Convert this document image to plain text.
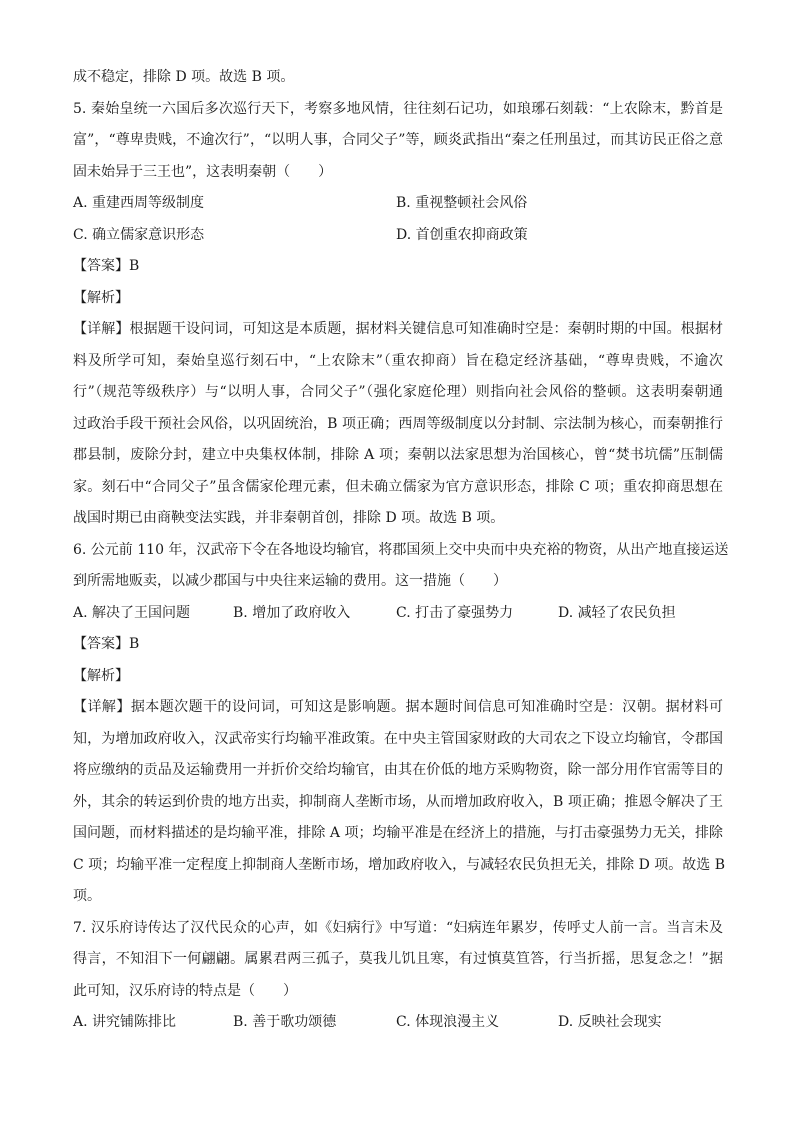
成不稳定，排除 D 项。故选 B 项。
5. 秦始皇统一六国后多次巡行天下，考察多地风情，往往刻石记功，如琅琊石刻载：“上农除末，黔首是
富”，“尊卑贵贱，不逾次行”，“以明人事，合同父子”等，顾炎武指出“秦之任刑虽过，而其访民正俗之意
固未始异于三王也”，这表明秦朝（　　）
A. 重建西周等级制度	B. 重视整顿社会风俗
C. 确立儒家意识形态	D. 首创重农抑商政策
【答案】B
【解析】
【详解】根据题干设问词，可知这是本质题，据材料关键信息可知准确时空是：秦朝时期的中国。根据材
料及所学可知，秦始皇巡行刻石中，“上农除末”（重农抑商）旨在稳定经济基础，“尊卑贵贱，不逾次
行”（规范等级秩序）与“以明人事，合同父子”（强化家庭伦理）则指向社会风俗的整顿。这表明秦朝通
过政治手段干预社会风俗，以巩固统治，B 项正确；西周等级制度以分封制、宗法制为核心，而秦朝推行
郡县制，废除分封，建立中央集权体制，排除 A 项；秦朝以法家思想为治国核心，曾“焚书坑儒”压制儒
家。刻石中“合同父子”虽含儒家伦理元素，但未确立儒家为官方意识形态，排除 C 项；重农抑商思想在
战国时期已由商鞅变法实践，并非秦朝首创，排除 D 项。故选 B 项。
6. 公元前 110 年，汉武帝下令在各地设均输官，将郡国须上交中央而中央充裕的物资，从出产地直接运送
到所需地贩卖，以减少郡国与中央往来运输的费用。这一措施（　　）
A. 解决了王国问题	B. 增加了政府收入	C. 打击了豪强势力	D. 减轻了农民负担
【答案】B
【解析】
【详解】据本题次题干的设问词，可知这是影响题。据本题时间信息可知准确时空是：汉朝。据材料可
知，为增加政府收入，汉武帝实行均输平准政策。在中央主管国家财政的大司农之下设立均输官，令郡国
将应缴纳的贡品及运输费用一并折价交给均输官，由其在价低的地方采购物资，除一部分用作官需等目的
外，其余的转运到价贵的地方出卖，抑制商人垄断市场，从而增加政府收入，B 项正确；推恩令解决了王
国问题，而材料描述的是均输平准，排除 A 项；均输平准是在经济上的措施，与打击豪强势力无关，排除
C 项；均输平准一定程度上抑制商人垄断市场，增加政府收入，与减轻农民负担无关，排除 D 项。故选 B
项。
7. 汉乐府诗传达了汉代民众的心声，如《妇病行》中写道：“妇病连年累岁，传呼丈人前一言。当言未及
得言，不知泪下一何翩翩。属累君两三孤子，莫我儿饥且寒，有过慎莫笪答，行当折摇，思复念之！”据
此可知，汉乐府诗的特点是（　　）
A. 讲究铺陈排比	B. 善于歌功颂德	C. 体现浪漫主义	D. 反映社会现实
